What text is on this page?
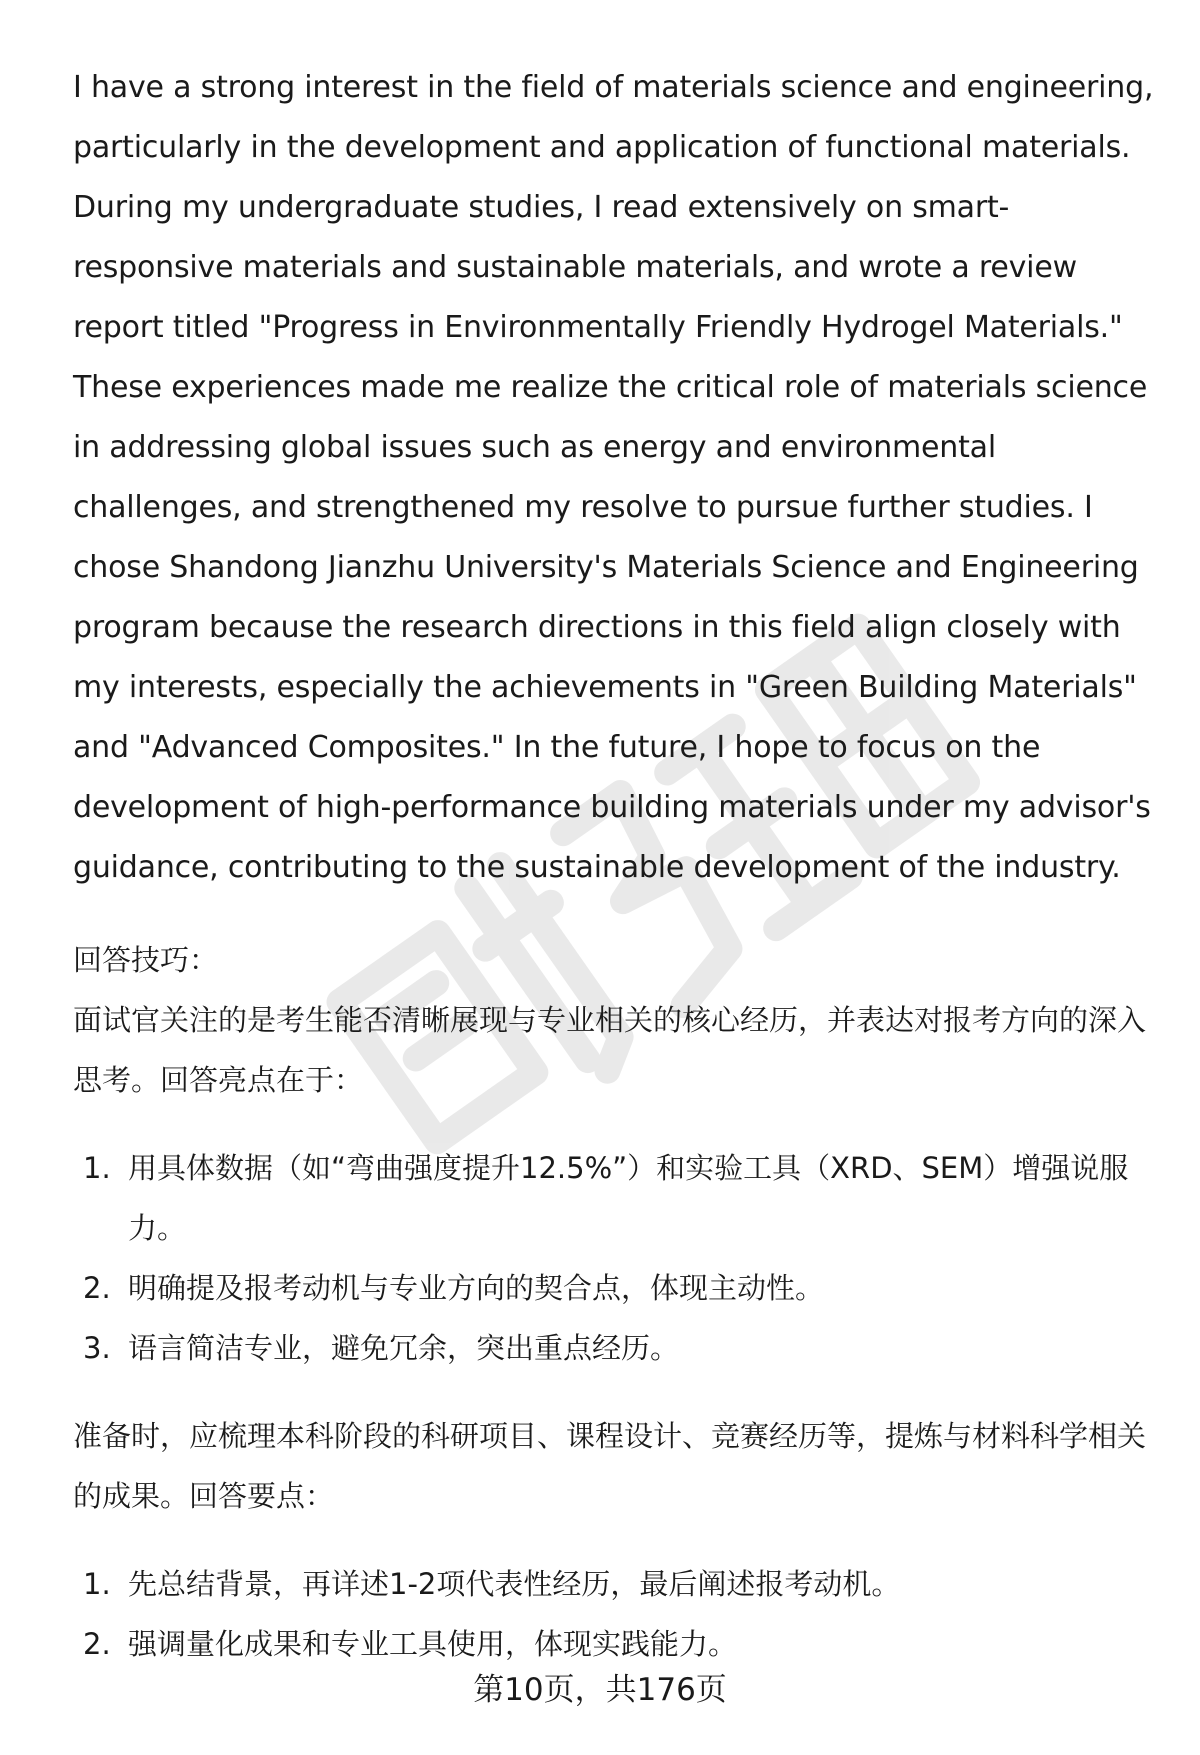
I have a strong interest in the field of materials science and engineering, particularly in the development and application of functional materials. During my undergraduate studies, I read extensively on smart-responsive materials and sustainable materials, and wrote a review report titled "Progress in Environmentally Friendly Hydrogel Materials." These experiences made me realize the critical role of materials science in addressing global issues such as energy and environmental challenges, and strengthened my resolve to pursue further studies. I chose Shandong Jianzhu University's Materials Science and Engineering program because the research directions in this field align closely with my interests, especially the achievements in "Green Building Materials" and "Advanced Composites." In the future, I hope to focus on the development of high-performance building materials under my advisor's guidance, contributing to the sustainable development of the industry.

回答技巧：

面试官关注的是考生能否清晰展现与专业相关的核心经历，并表达对报考方向的深入思考。回答亮点在于：

1. 用具体数据（如“弯曲强度提升12.5%”）和实验工具（XRD、SEM）增强说服力。
2. 明确提及报考动机与专业方向的契合点，体现主动性。
3. 语言简洁专业，避免冗余，突出重点经历。

准备时，应梳理本科阶段的科研项目、课程设计、竞赛经历等，提炼与材料科学相关的成果。回答要点：

1. 先总结背景，再详述1-2项代表性经历，最后阐述报考动机。
2. 强调量化成果和专业工具使用，体现实践能力。
第10页，共176页
